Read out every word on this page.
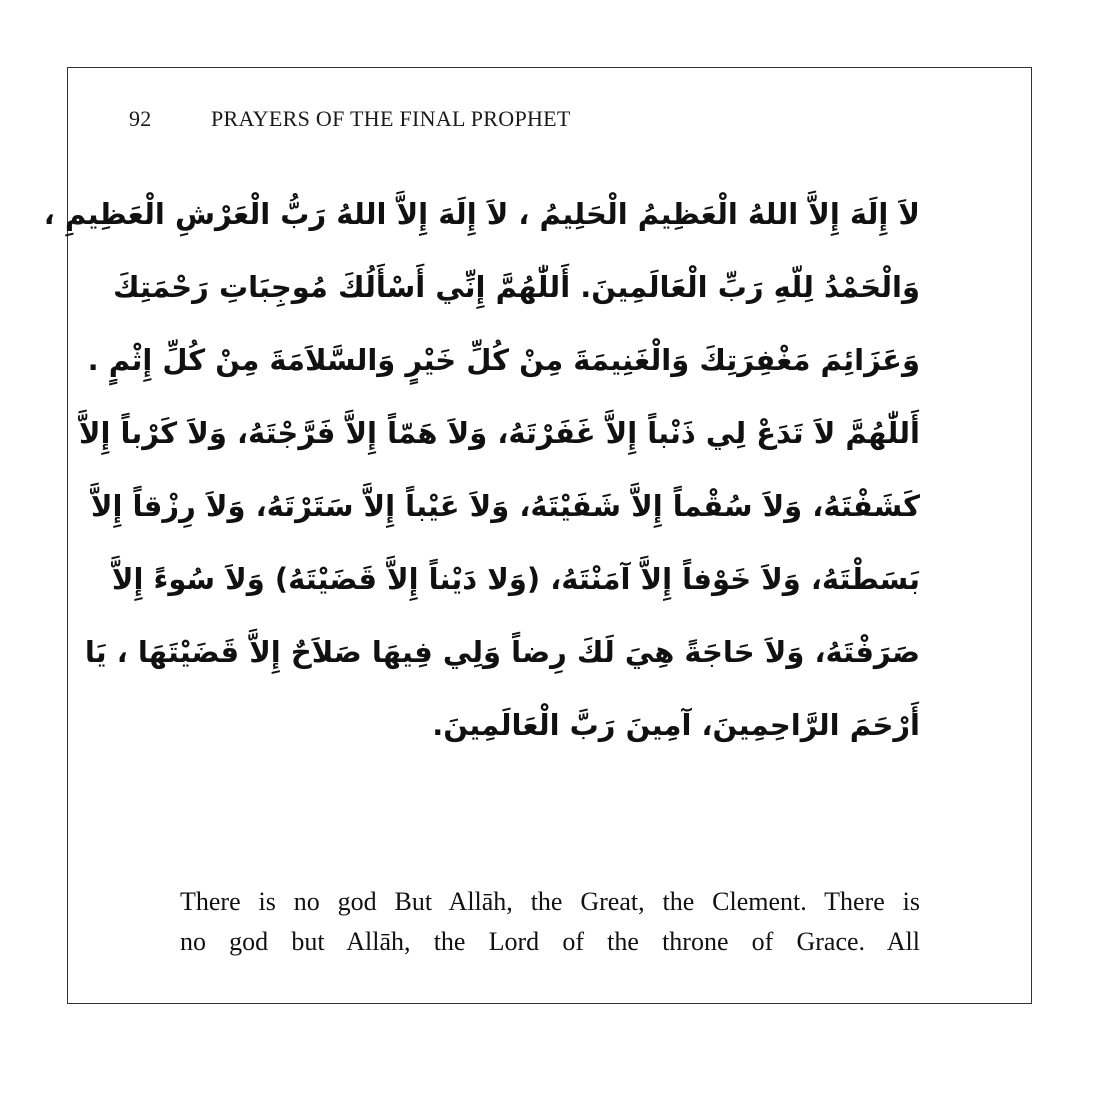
92	PRAYERS OF THE FINAL PROPHET
لاَ إِلَهَ إِلاَّ اللهُ الْعَظِيمُ الْحَلِيمُ ، لاَ إِلَهَ إِلاَّ اللهُ رَبُّ الْعَرْشِ الْعَظِيمِ ،
وَالْحَمْدُ لِلّهِ رَبِّ الْعَالَمِينَ. أَللّٰهُمَّ إِنِّي أَسْأَلُكَ مُوجِبَاتِ رَحْمَتِكَ
وَعَزَائِمَ مَغْفِرَتِكَ وَالْغَنِيمَةَ مِنْ كُلِّ خَيْرٍ وَالسَّلاَمَةَ مِنْ كُلِّ إِثْمٍ .
أَللّٰهُمَّ لاَ تَدَعْ لِي ذَنْباً إِلاَّ غَفَرْتَهُ، وَلاَ هَمّاً إِلاَّ فَرَّجْتَهُ، وَلاَ كَرْباً إِلاَّ
كَشَفْتَهُ، وَلاَ سُقْماً إِلاَّ شَفَيْتَهُ، وَلاَ عَيْباً إِلاَّ سَتَرْتَهُ، وَلاَ رِزْقاً إِلاَّ
بَسَطْتَهُ، وَلاَ خَوْفاً إِلاَّ آمَنْتَهُ، (وَلا دَيْناً إِلاَّ قَضَيْتَهُ) وَلاَ سُوءً إِلاَّ
صَرَفْتَهُ، وَلاَ حَاجَةً هِيَ لَكَ رِضاً وَلِي فِيهَا صَلاَحٌ إِلاَّ قَضَيْتَهَا ، يَا
أَرْحَمَ الرَّاحِمِينَ، آمِينَ رَبَّ الْعَالَمِينَ.
There is no god But Allāh, the Great, the Clement. There is
no god but Allāh, the Lord of the throne of Grace. All
